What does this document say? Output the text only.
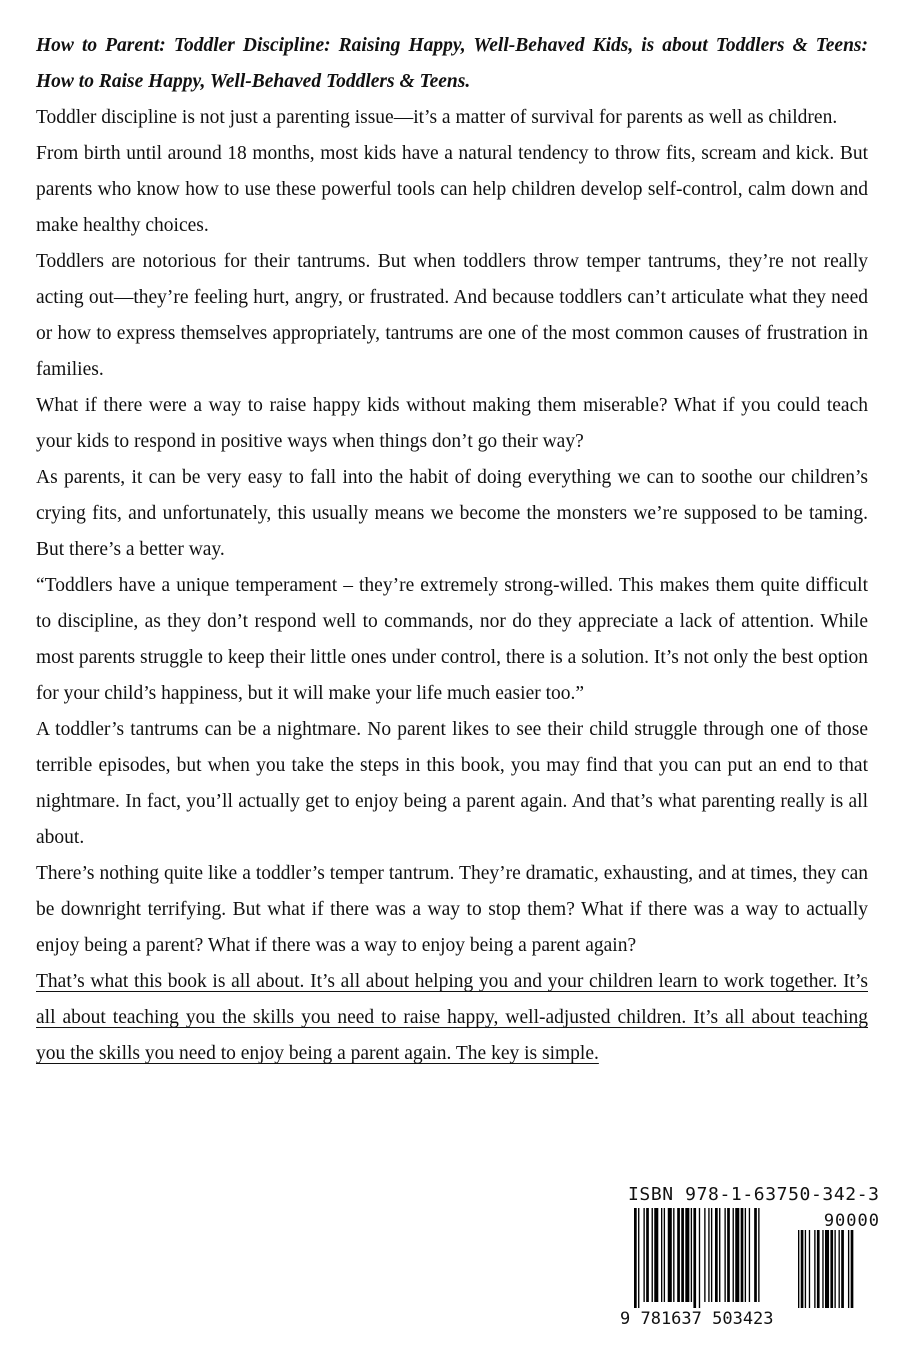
How to Parent: Toddler Discipline: Raising Happy, Well-Behaved Kids, is about Toddlers & Teens: How to Raise Happy, Well-Behaved Toddlers & Teens.

Toddler discipline is not just a parenting issue—it’s a matter of survival for parents as well as children.

From birth until around 18 months, most kids have a natural tendency to throw fits, scream and kick. But parents who know how to use these powerful tools can help children develop self-control, calm down and make healthy choices.

Toddlers are notorious for their tantrums. But when toddlers throw temper tantrums, they’re not really acting out—they’re feeling hurt, angry, or frustrated. And because toddlers can’t articulate what they need or how to express themselves appropriately, tantrums are one of the most common causes of frustration in families.

What if there were a way to raise happy kids without making them miserable? What if you could teach your kids to respond in positive ways when things don’t go their way?

As parents, it can be very easy to fall into the habit of doing everything we can to soothe our children’s crying fits, and unfortunately, this usually means we become the monsters we’re supposed to be taming. But there’s a better way.

“Toddlers have a unique temperament – they’re extremely strong-willed. This makes them quite difficult to discipline, as they don’t respond well to commands, nor do they appreciate a lack of attention. While most parents struggle to keep their little ones under control, there is a solution. It’s not only the best option for your child’s happiness, but it will make your life much easier too.”

A toddler’s tantrums can be a nightmare. No parent likes to see their child struggle through one of those terrible episodes, but when you take the steps in this book, you may find that you can put an end to that nightmare. In fact, you’ll actually get to enjoy being a parent again. And that’s what parenting really is all about.

There’s nothing quite like a toddler’s temper tantrum. They’re dramatic, exhausting, and at times, they can be downright terrifying. But what if there was a way to stop them? What if there was a way to actually enjoy being a parent? What if there was a way to enjoy being a parent again?

That’s what this book is all about. It’s all about helping you and your children learn to work together. It’s all about teaching you the skills you need to raise happy, well-adjusted children. It’s all about teaching you the skills you need to enjoy being a parent again. The key is simple.

ISBN 978-1-63750-342-3
90000
9 781637 503423
